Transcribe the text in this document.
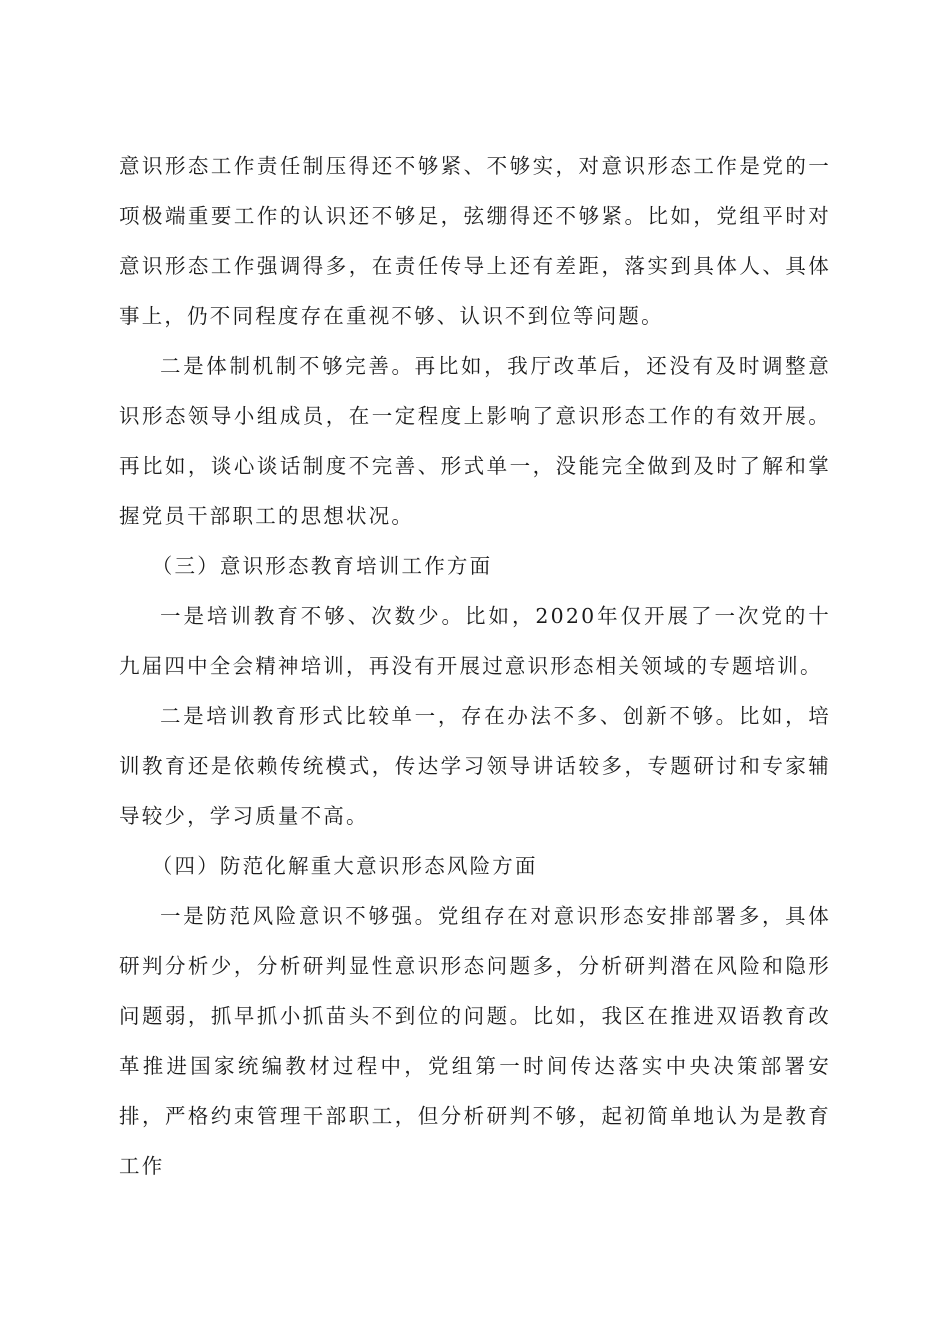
意识形态工作责任制压得还不够紧、不够实，对意识形态工作是党的一项极端重要工作的认识还不够足，弦绷得还不够紧。比如，党组平时对意识形态工作强调得多，在责任传导上还有差距，落实到具体人、具体事上，仍不同程度存在重视不够、认识不到位等问题。

二是体制机制不够完善。再比如，我厅改革后，还没有及时调整意识形态领导小组成员，在一定程度上影响了意识形态工作的有效开展。再比如，谈心谈话制度不完善、形式单一，没能完全做到及时了解和掌握党员干部职工的思想状况。

（三）意识形态教育培训工作方面

一是培训教育不够、次数少。比如，2020年仅开展了一次党的十九届四中全会精神培训，再没有开展过意识形态相关领域的专题培训。

二是培训教育形式比较单一，存在办法不多、创新不够。比如，培训教育还是依赖传统模式，传达学习领导讲话较多，专题研讨和专家辅导较少，学习质量不高。

（四）防范化解重大意识形态风险方面

一是防范风险意识不够强。党组存在对意识形态安排部署多，具体研判分析少，分析研判显性意识形态问题多，分析研判潜在风险和隐形问题弱，抓早抓小抓苗头不到位的问题。比如，我区在推进双语教育改革推进国家统编教材过程中，党组第一时间传达落实中央决策部署安排，严格约束管理干部职工，但分析研判不够，起初简单地认为是教育工作
